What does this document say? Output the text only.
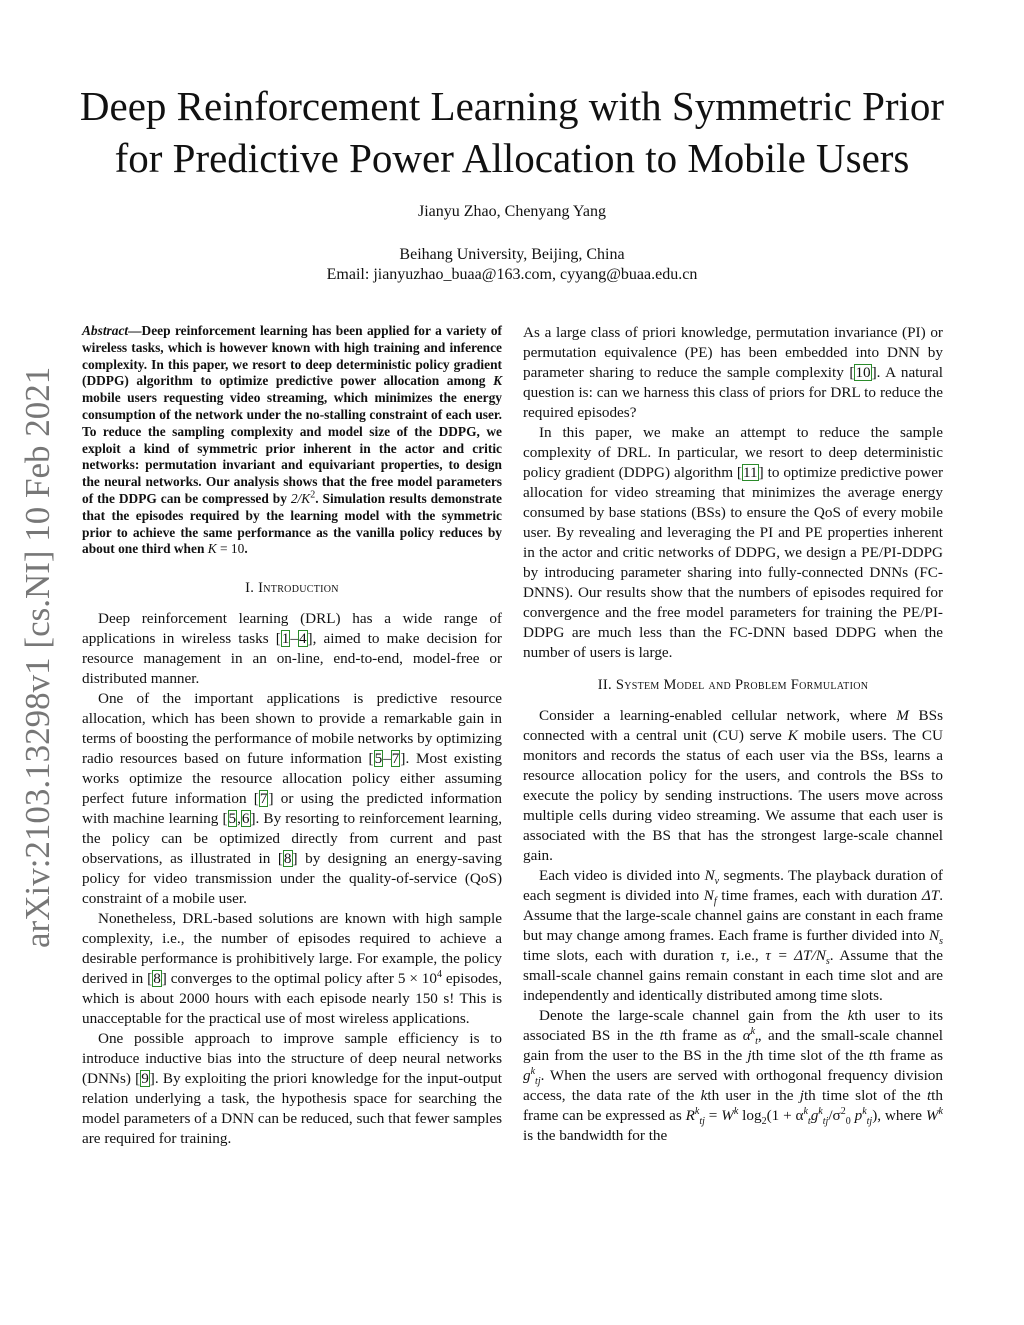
arXiv:2103.13298v1 [cs.NI] 10 Feb 2021
Deep Reinforcement Learning with Symmetric Prior
for Predictive Power Allocation to Mobile Users
Jianyu Zhao, Chenyang Yang
Beihang University, Beijing, China
Email: jianyuzhao_buaa@163.com, cyyang@buaa.edu.cn
Abstract—Deep reinforcement learning has been applied for a variety of wireless tasks, which is however known with high training and inference complexity. In this paper, we resort to deep deterministic policy gradient (DDPG) algorithm to optimize predictive power allocation among K mobile users requesting video streaming, which minimizes the energy consumption of the network under the no-stalling constraint of each user. To reduce the sampling complexity and model size of the DDPG, we exploit a kind of symmetric prior inherent in the actor and critic networks: permutation invariant and equivariant properties, to design the neural networks. Our analysis shows that the free model parameters of the DDPG can be compressed by $2/K^2$. Simulation results demonstrate that the episodes required by the learning model with the symmetric prior to achieve the same performance as the vanilla policy reduces by about one third when K = 10.
I. Introduction

Deep reinforcement learning (DRL) has a wide range of applications in wireless tasks [1–4], aimed to make decision for resource management in an on-line, end-to-end, model-free or distributed manner.

One of the important applications is predictive resource allocation, which has been shown to provide a remarkable gain in terms of boosting the performance of mobile networks by optimizing radio resources based on future information [5–7]. Most existing works optimize the resource allocation policy either assuming perfect future information [7] or using the predicted information with machine learning [5,6]. By resorting to reinforcement learning, the policy can be optimized directly from current and past observations, as illustrated in [8] by designing an energy-saving policy for video transmission under the quality-of-service (QoS) constraint of a mobile user.

Nonetheless, DRL-based solutions are known with high sample complexity, i.e., the number of episodes required to achieve a desirable performance is prohibitively large. For example, the policy derived in [8] converges to the optimal policy after $5 \times 10^4$ episodes, which is about 2000 hours with each episode nearly 150 s! This is unacceptable for the practical use of most wireless applications.

One possible approach to improve sample efficiency is to introduce inductive bias into the structure of deep neural networks (DNNs) [9]. By exploiting the priori knowledge for the input-output relation underlying a task, the hypothesis space for searching the model parameters of a DNN can be reduced, such that fewer samples are required for training.

As a large class of priori knowledge, permutation invariance (PI) or permutation equivalence (PE) has been embedded into DNN by parameter sharing to reduce the sample complexity [10]. A natural question is: can we harness this class of priors for DRL to reduce the required episodes?

In this paper, we make an attempt to reduce the sample complexity of DRL. In particular, we resort to deep deterministic policy gradient (DDPG) algorithm [11] to optimize predictive power allocation for video streaming that minimizes the average energy consumed by base stations (BSs) to ensure the QoS of every mobile user. By revealing and leveraging the PI and PE properties inherent in the actor and critic networks of DDPG, we design a PE/PI-DDPG by introducing parameter sharing into fully-connected DNNs (FC-DNNS). Our results show that the numbers of episodes required for convergence and the free model parameters for training the PE/PI-DDPG are much less than the FC-DNN based DDPG when the number of users is large.

II. System Model and Problem Formulation

Consider a learning-enabled cellular network, where M BSs connected with a central unit (CU) serve K mobile users. The CU monitors and records the status of each user via the BSs, learns a resource allocation policy for the users, and controls the BSs to execute the policy by sending instructions. The users move across multiple cells during video streaming. We assume that each user is associated with the BS that has the strongest large-scale channel gain.

Each video is divided into $N_v$ segments. The playback duration of each segment is divided into $N_f$ time frames, each with duration ΔT. Assume that the large-scale channel gains are constant in each frame but may change among frames. Each frame is further divided into $N_s$ time slots, each with duration τ, i.e., $\tau = \Delta T/N_s$. Assume that the small-scale channel gains remain constant in each time slot and are independently and identically distributed among time slots.

Denote the large-scale channel gain from the kth user to its associated BS in the tth frame as $\alpha^k_t$, and the small-scale channel gain from the user to the BS in the jth time slot of the tth frame as $g^k_{tj}$. When the users are served with orthogonal frequency division access, the data rate of the kth user in the jth time slot of the tth frame can be expressed as $R^k_{tj} = W^k$ $\log_2(1 + \alpha^k_tg^k_{tj}/\sigma^2_0$ $p^k_{tj}$), where $W^k$ is the bandwidth for the
